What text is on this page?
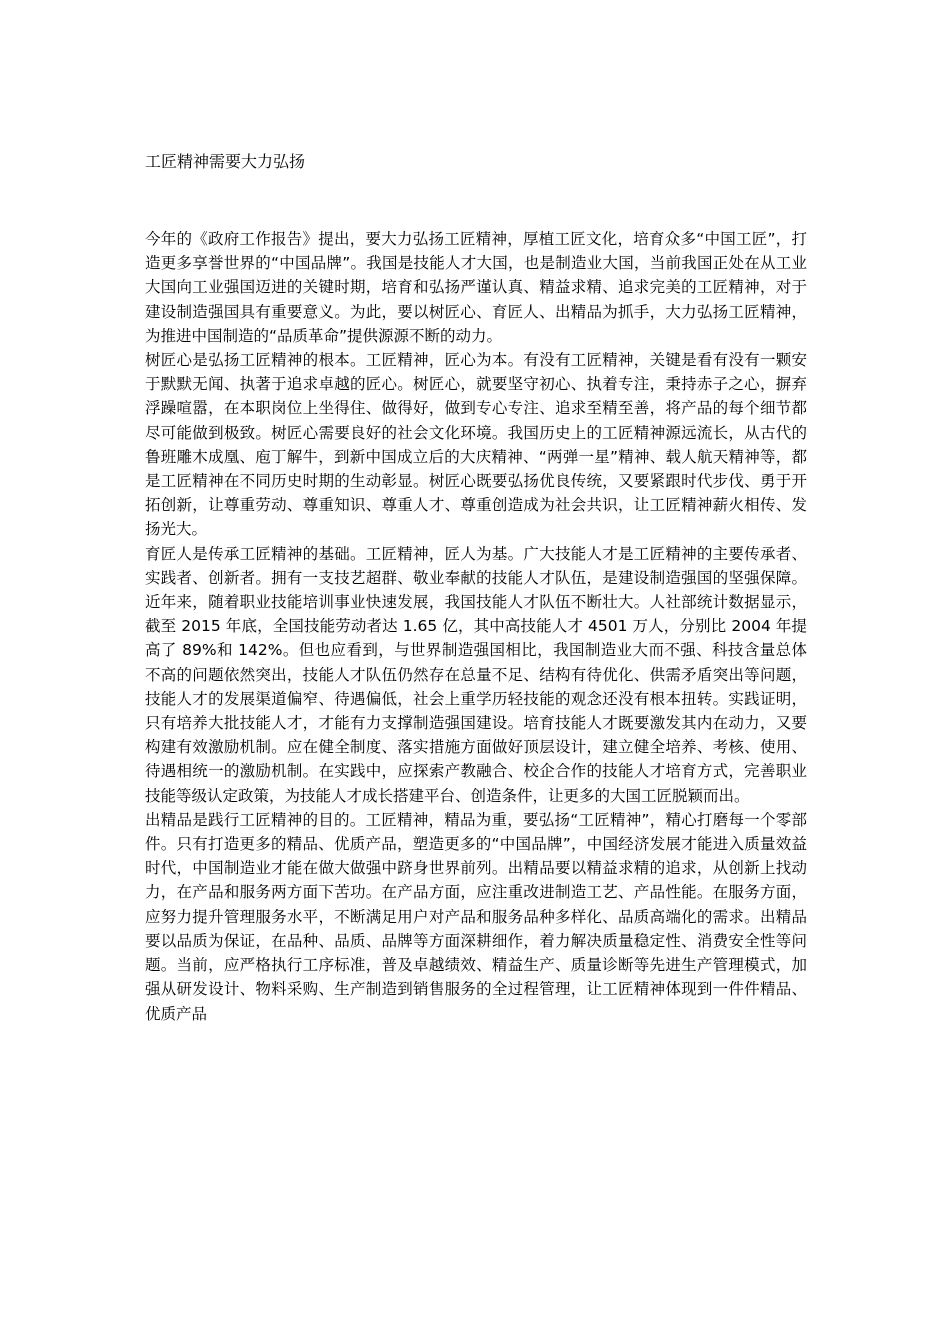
工匠精神需要大力弘扬

今年的《政府工作报告》提出，要大力弘扬工匠精神，厚植工匠文化，培育众多“中国工匠”，打造更多享誉世界的“中国品牌”。我国是技能人才大国，也是制造业大国，当前我国正处在从工业大国向工业强国迈进的关键时期，培育和弘扬严谨认真、精益求精、追求完美的工匠精神，对于建设制造强国具有重要意义。为此，要以树匠心、育匠人、出精品为抓手，大力弘扬工匠精神，为推进中国制造的“品质革命”提供源源不断的动力。

树匠心是弘扬工匠精神的根本。工匠精神，匠心为本。有没有工匠精神，关键是看有没有一颗安于默默无闻、执著于追求卓越的匠心。树匠心，就要坚守初心、执着专注，秉持赤子之心，摒弃浮躁喧嚣，在本职岗位上坐得住、做得好，做到专心专注、追求至精至善，将产品的每个细节都尽可能做到极致。树匠心需要良好的社会文化环境。我国历史上的工匠精神源远流长，从古代的鲁班雕木成凰、庖丁解牛，到新中国成立后的大庆精神、“两弹一星”精神、载人航天精神等，都是工匠精神在不同历史时期的生动彰显。树匠心既要弘扬优良传统，又要紧跟时代步伐、勇于开拓创新，让尊重劳动、尊重知识、尊重人才、尊重创造成为社会共识，让工匠精神薪火相传、发扬光大。

育匠人是传承工匠精神的基础。工匠精神，匠人为基。广大技能人才是工匠精神的主要传承者、实践者、创新者。拥有一支技艺超群、敬业奉献的技能人才队伍，是建设制造强国的坚强保障。近年来，随着职业技能培训事业快速发展，我国技能人才队伍不断壮大。人社部统计数据显示，截至 2015 年底，全国技能劳动者达 1.65 亿，其中高技能人才 4501 万人，分别比 2004 年提高了 89%和 142%。但也应看到，与世界制造强国相比，我国制造业大而不强、科技含量总体不高的问题依然突出，技能人才队伍仍然存在总量不足、结构有待优化、供需矛盾突出等问题，技能人才的发展渠道偏窄、待遇偏低，社会上重学历轻技能的观念还没有根本扭转。实践证明，只有培养大批技能人才，才能有力支撑制造强国建设。培育技能人才既要激发其内在动力，又要构建有效激励机制。应在健全制度、落实措施方面做好顶层设计，建立健全培养、考核、使用、待遇相统一的激励机制。在实践中，应探索产教融合、校企合作的技能人才培育方式，完善职业技能等级认定政策，为技能人才成长搭建平台、创造条件，让更多的大国工匠脱颖而出。

出精品是践行工匠精神的目的。工匠精神，精品为重，要弘扬“工匠精神”，精心打磨每一个零部件。只有打造更多的精品、优质产品，塑造更多的“中国品牌”，中国经济发展才能进入质量效益时代，中国制造业才能在做大做强中跻身世界前列。出精品要以精益求精的追求，从创新上找动力，在产品和服务两方面下苦功。在产品方面，应注重改进制造工艺、产品性能。在服务方面，应努力提升管理服务水平，不断满足用户对产品和服务品种多样化、品质高端化的需求。出精品要以品质为保证，在品种、品质、品牌等方面深耕细作，着力解决质量稳定性、消费安全性等问题。当前，应严格执行工序标准，普及卓越绩效、精益生产、质量诊断等先进生产管理模式，加强从研发设计、物料采购、生产制造到销售服务的全过程管理，让工匠精神体现到一件件精品、优质产品
